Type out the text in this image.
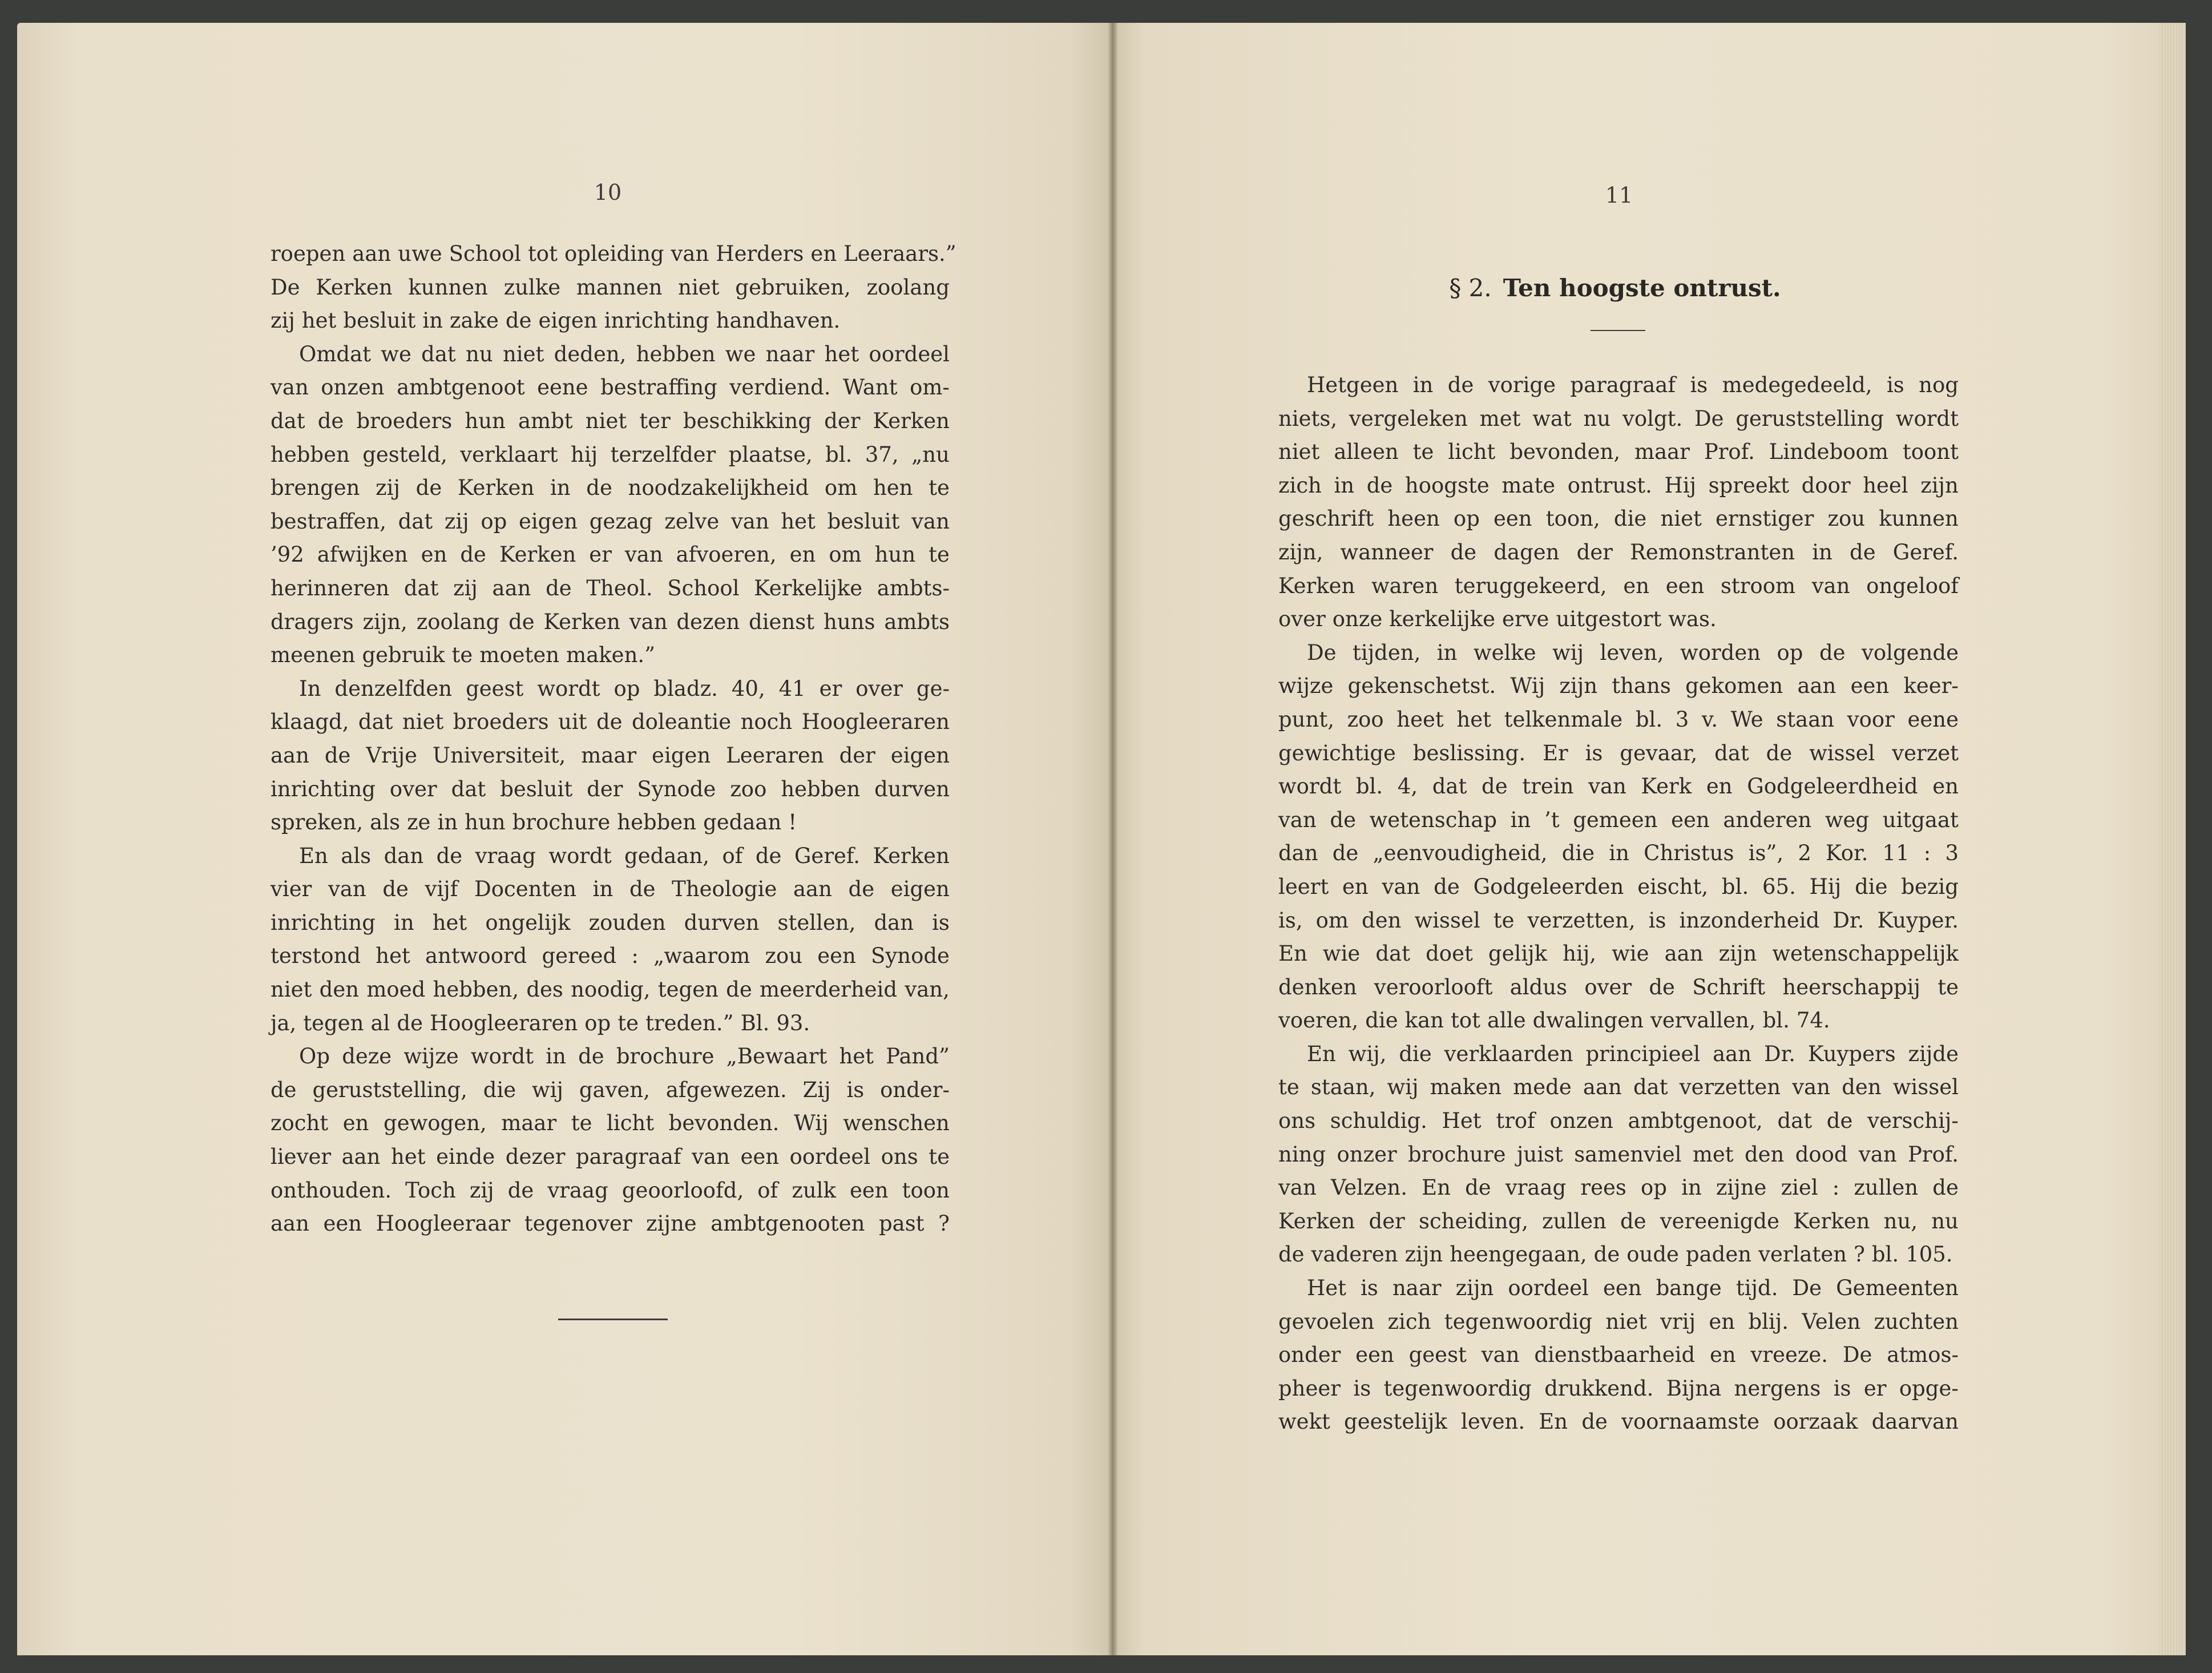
10	11
roepen aan uwe School tot opleiding van Herders en Leeraars.”
De Kerken kunnen zulke mannen niet gebruiken, zoolang
zij het besluit in zake de eigen inrichting handhaven.
Omdat we dat nu niet deden, hebben we naar het oordeel
van onzen ambtgenoot eene bestraffing verdiend. Want om-
dat de broeders hun ambt niet ter beschikking der Kerken
hebben gesteld, verklaart hij terzelfder plaatse, bl. 37, „nu
brengen zij de Kerken in de noodzakelijkheid om hen te
bestraffen, dat zij op eigen gezag zelve van het besluit van
’92 afwijken en de Kerken er van afvoeren, en om hun te
herinneren dat zij aan de Theol. School Kerkelijke ambts-
dragers zijn, zoolang de Kerken van dezen dienst huns ambts
meenen gebruik te moeten maken.”
In denzelfden geest wordt op bladz. 40, 41 er over ge-
klaagd, dat niet broeders uit de doleantie noch Hoogleeraren
aan de Vrije Universiteit, maar eigen Leeraren der eigen
inrichting over dat besluit der Synode zoo hebben durven
spreken, als ze in hun brochure hebben gedaan !
En als dan de vraag wordt gedaan, of de Geref. Kerken
vier van de vijf Docenten in de Theologie aan de eigen
inrichting in het ongelijk zouden durven stellen, dan is
terstond het antwoord gereed : „waarom zou een Synode
niet den moed hebben, des noodig, tegen de meerderheid van,
ja, tegen al de Hoogleeraren op te treden.” Bl. 93.
Op deze wijze wordt in de brochure „Bewaart het Pand”
de geruststelling, die wij gaven, afgewezen. Zij is onder-
zocht en gewogen, maar te licht bevonden. Wij wenschen
liever aan het einde dezer paragraaf van een oordeel ons te
onthouden. Toch zij de vraag geoorloofd, of zulk een toon
aan een Hoogleeraar tegenover zijne ambtgenooten past ?
§ 2. Ten hoogste ontrust.
Hetgeen in de vorige paragraaf is medegedeeld, is nog
niets, vergeleken met wat nu volgt. De geruststelling wordt
niet alleen te licht bevonden, maar Prof. Lindeboom toont
zich in de hoogste mate ontrust. Hij spreekt door heel zijn
geschrift heen op een toon, die niet ernstiger zou kunnen
zijn, wanneer de dagen der Remonstranten in de Geref.
Kerken waren teruggekeerd, en een stroom van ongeloof
over onze kerkelijke erve uitgestort was.
De tijden, in welke wij leven, worden op de volgende
wijze gekenschetst. Wij zijn thans gekomen aan een keer-
punt, zoo heet het telkenmale bl. 3 v. We staan voor eene
gewichtige beslissing. Er is gevaar, dat de wissel verzet
wordt bl. 4, dat de trein van Kerk en Godgeleerdheid en
van de wetenschap in ’t gemeen een anderen weg uitgaat
dan de „eenvoudigheid, die in Christus is”, 2 Kor. 11 : 3
leert en van de Godgeleerden eischt, bl. 65. Hij die bezig
is, om den wissel te verzetten, is inzonderheid Dr. Kuyper.
En wie dat doet gelijk hij, wie aan zijn wetenschappelijk
denken veroorlooft aldus over de Schrift heerschappij te
voeren, die kan tot alle dwalingen vervallen, bl. 74.
En wij, die verklaarden principieel aan Dr. Kuypers zijde
te staan, wij maken mede aan dat verzetten van den wissel
ons schuldig. Het trof onzen ambtgenoot, dat de verschij-
ning onzer brochure juist samenviel met den dood van Prof.
van Velzen. En de vraag rees op in zijne ziel : zullen de
Kerken der scheiding, zullen de vereenigde Kerken nu, nu
de vaderen zijn heengegaan, de oude paden verlaten ? bl. 105.
Het is naar zijn oordeel een bange tijd. De Gemeenten
gevoelen zich tegenwoordig niet vrij en blij. Velen zuchten
onder een geest van dienstbaarheid en vreeze. De atmos-
pheer is tegenwoordig drukkend. Bijna nergens is er opge-
wekt geestelijk leven. En de voornaamste oorzaak daarvan
